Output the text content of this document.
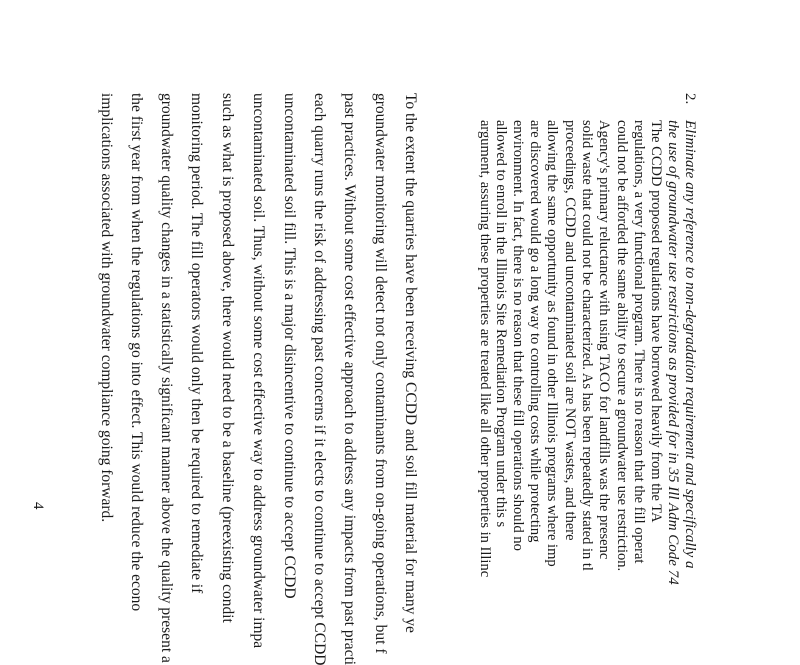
2.
Eliminate any reference to non-degradation requirement and specifically a
the use of groundwater use restrictions as provided for in 35 Ill Adm Code 74
The CCDD proposed regulations have borrowed heavily from the TA
regulations, a very functional program. There is no reason that the fill operat
could not be afforded the same ability to secure a groundwater use restriction.
Agency's primary reluctance with using TACO for landfills was the presenc
solid waste that could not be characterized. As has been repeatedly stated in tl
proceedings, CCDD and uncontaminated soil are NOT wastes, and there
allowing the same opportunity as found in other Illinois programs where imp
are discovered would go a long way to controlling costs while protecting
environment. In fact, there is no reason that these fill operations should no
allowed to enroll in the Illinois Site Remediation Program under this s
argument, assuring these properties are treated like all other properties in Illinc
To the extent the quarries have been receiving CCDD and soil fill material for many ye
groundwater monitoring will detect not only contaminants from on-going operations, but f
past practices. Without some cost effective approach to address any impacts from past practi
each quarry runs the risk of addressing past concerns if it elects to continue to accept CCDD
uncontaminated soil fill. This is a major disincentive to continue to accept CCDD
uncontaminated soil. Thus, without some cost effective way to address groundwater impa
such as what is proposed above, there would need to be a baseline (preexisting condit
monitoring period. The fill operators would only then be required to remediate if
groundwater quality changes in a statistically significant manner above the quality present a
the first year from when the regulations go into effect. This would reduce the econo
implications associated with groundwater compliance going forward.
4
